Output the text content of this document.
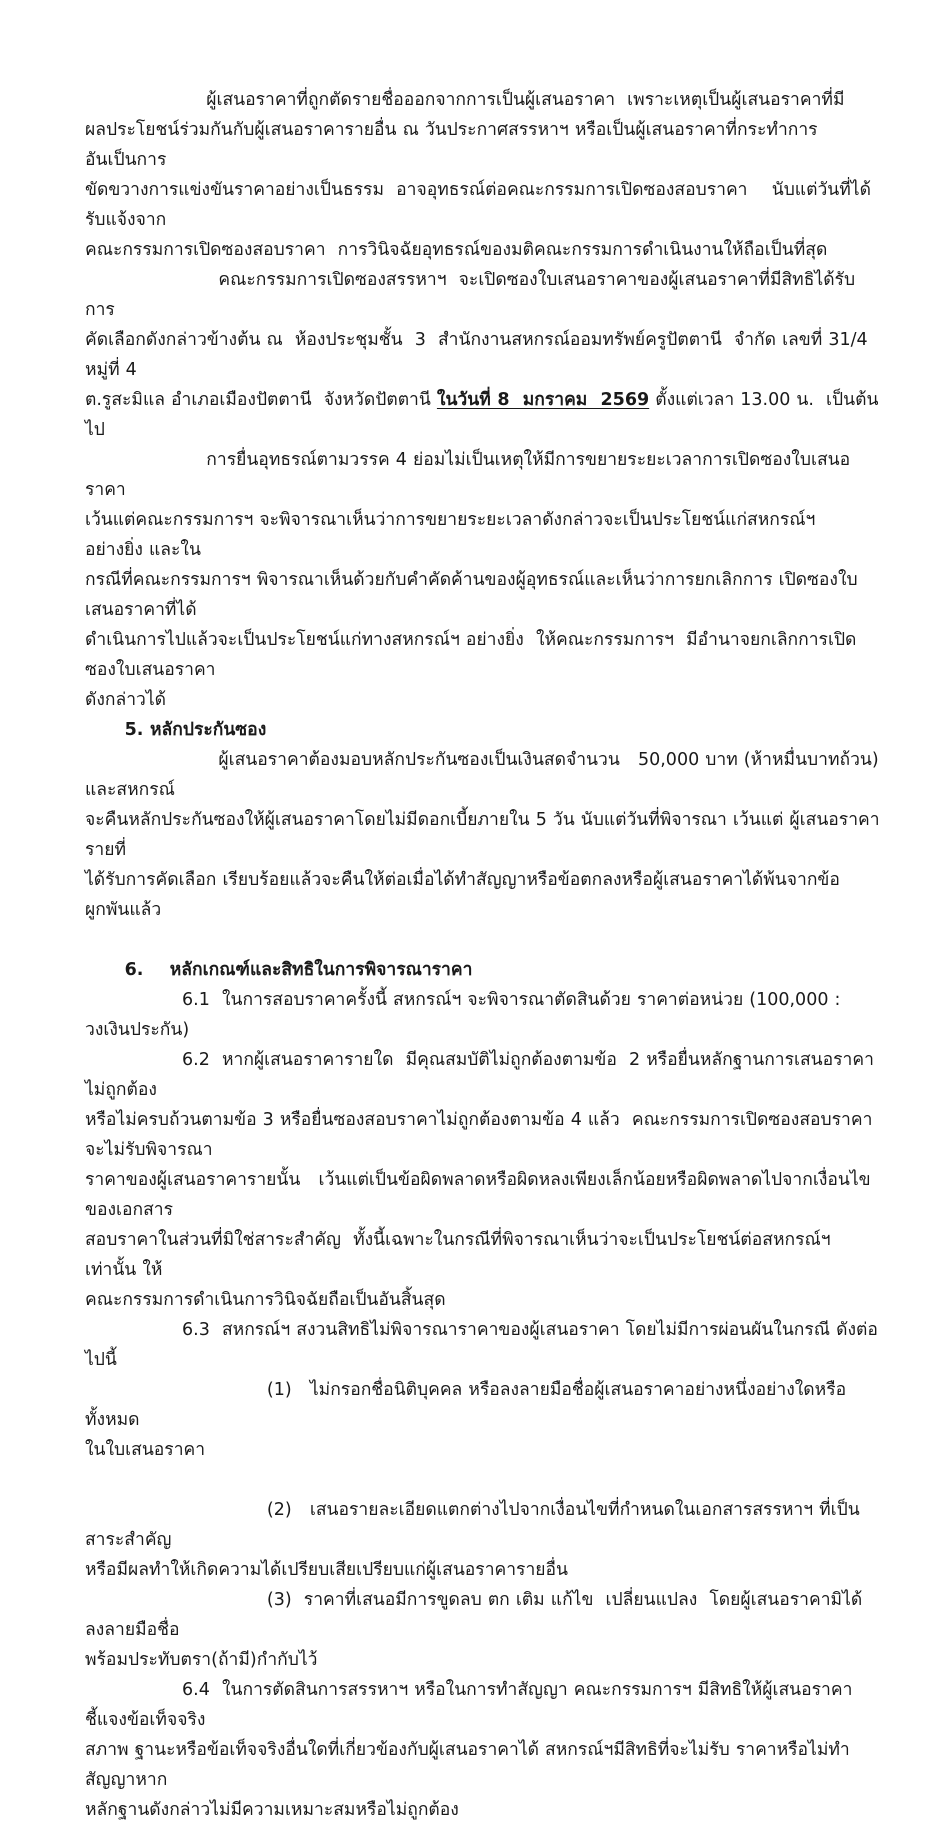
ผู้เสนอราคาที่ถูกตัดรายชื่อออกจากการเป็นผู้เสนอราคา  เพราะเหตุเป็นผู้เสนอราคาที่มี
ผลประโยชน์ร่วมกันกับผู้เสนอราคารายอื่น ณ วันประกาศสรรหาฯ หรือเป็นผู้เสนอราคาที่กระทำการ        อันเป็นการ
ขัดขวางการแข่งขันราคาอย่างเป็นธรรม  อาจอุทธรณ์ต่อคณะกรรมการเปิดซองสอบราคา    นับแต่วันที่ได้รับแจ้งจาก
คณะกรรมการเปิดซองสอบราคา  การวินิจฉัยอุทธรณ์ของมติคณะกรรมการดำเนินงานให้ถือเป็นที่สุด
คณะกรรมการเปิดซองสรรหาฯ  จะเปิดซองใบเสนอราคาของผู้เสนอราคาที่มีสิทธิได้รับการ
คัดเลือกดังกล่าวข้างต้น ณ  ห้องประชุมชั้น  3  สำนักงานสหกรณ์ออมทรัพย์ครูปัตตานี  จำกัด เลขที่ 31/4  หมู่ที่ 4
ต.รูสะมิแล อำเภอเมืองปัตตานี  จังหวัดปัตตานี ในวันที่ 8  มกราคม  2569 ตั้งแต่เวลา 13.00 น.  เป็นต้นไป
การยื่นอุทธรณ์ตามวรรค 4 ย่อมไม่เป็นเหตุให้มีการขยายระยะเวลาการเปิดซองใบเสนอราคา
เว้นแต่คณะกรรมการฯ จะพิจารณาเห็นว่าการขยายระยะเวลาดังกล่าวจะเป็นประโยชน์แก่สหกรณ์ฯ        อย่างยิ่ง และใน
กรณีที่คณะกรรมการฯ พิจารณาเห็นด้วยกับคำคัดค้านของผู้อุทธรณ์และเห็นว่าการยกเลิกการ เปิดซองใบเสนอราคาที่ได้
ดำเนินการไปแล้วจะเป็นประโยชน์แก่ทางสหกรณ์ฯ อย่างยิ่ง  ให้คณะกรรมการฯ  มีอำนาจยกเลิกการเปิดซองใบเสนอราคา
ดังกล่าวได้
5. หลักประกันซอง
ผู้เสนอราคาต้องมอบหลักประกันซองเป็นเงินสดจำนวน   50,000 บาท (ห้าหมื่นบาทถ้วน) และสหกรณ์
จะคืนหลักประกันซองให้ผู้เสนอราคาโดยไม่มีดอกเบี้ยภายใน 5 วัน นับแต่วันที่พิจารณา เว้นแต่ ผู้เสนอราคารายที่
ได้รับการคัดเลือก เรียบร้อยแล้วจะคืนให้ต่อเมื่อได้ทำสัญญาหรือข้อตกลงหรือผู้เสนอราคาได้พ้นจากข้อผูกพันแล้ว
6.    หลักเกณฑ์และสิทธิในการพิจารณาราคา
6.1  ในการสอบราคาครั้งนี้ สหกรณ์ฯ จะพิจารณาตัดสินด้วย ราคาต่อหน่วย (100,000 : วงเงินประกัน)
6.2  หากผู้เสนอราคารายใด  มีคุณสมบัติไม่ถูกต้องตามข้อ  2 หรือยื่นหลักฐานการเสนอราคาไม่ถูกต้อง
หรือไม่ครบถ้วนตามข้อ 3 หรือยื่นซองสอบราคาไม่ถูกต้องตามข้อ 4 แล้ว  คณะกรรมการเปิดซองสอบราคาจะไม่รับพิจารณา
ราคาของผู้เสนอราคารายนั้น   เว้นแต่เป็นข้อผิดพลาดหรือผิดหลงเพียงเล็กน้อยหรือผิดพลาดไปจากเงื่อนไขของเอกสาร
สอบราคาในส่วนที่มิใช่สาระสำคัญ  ทั้งนี้เฉพาะในกรณีที่พิจารณาเห็นว่าจะเป็นประโยชน์ต่อสหกรณ์ฯ เท่านั้น ให้
คณะกรรมการดำเนินการวินิจฉัยถือเป็นอันสิ้นสุด
6.3  สหกรณ์ฯ สงวนสิทธิไม่พิจารณาราคาของผู้เสนอราคา โดยไม่มีการผ่อนผันในกรณี ดังต่อไปนี้
(1)   ไม่กรอกชื่อนิติบุคคล หรือลงลายมือชื่อผู้เสนอราคาอย่างหนึ่งอย่างใดหรือทั้งหมด
ในใบเสนอราคา
(2)   เสนอรายละเอียดแตกต่างไปจากเงื่อนไขที่กำหนดในเอกสารสรรหาฯ ที่เป็นสาระสำคัญ
หรือมีผลทำให้เกิดความได้เปรียบเสียเปรียบแก่ผู้เสนอราคารายอื่น
(3)  ราคาที่เสนอมีการขูดลบ ตก เติม แก้ไข  เปลี่ยนแปลง  โดยผู้เสนอราคามิได้ ลงลายมือชื่อ
พร้อมประทับตรา(ถ้ามี)กำกับไว้
6.4  ในการตัดสินการสรรหาฯ หรือในการทำสัญญา คณะกรรมการฯ มีสิทธิให้ผู้เสนอราคาชี้แจงข้อเท็จจริง
สภาพ ฐานะหรือข้อเท็จจริงอื่นใดที่เกี่ยวข้องกับผู้เสนอราคาได้ สหกรณ์ฯมีสิทธิที่จะไม่รับ ราคาหรือไม่ทำสัญญาหาก
หลักฐานดังกล่าวไม่มีความเหมาะสมหรือไม่ถูกต้อง
